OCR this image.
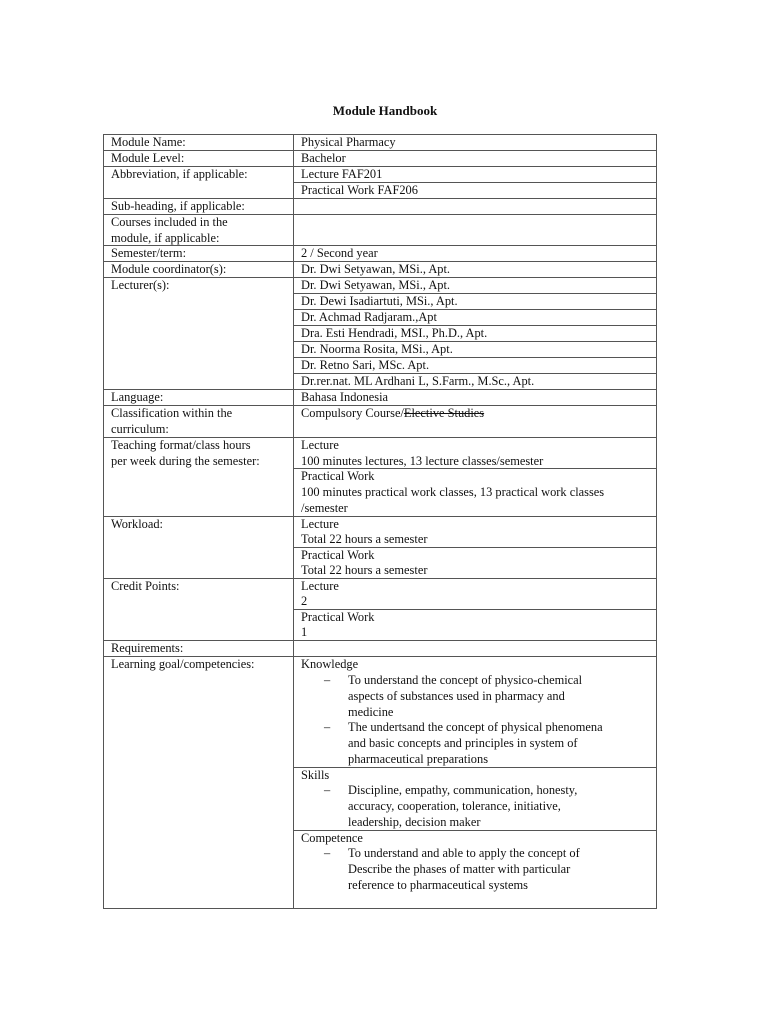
Module Handbook
Module Name:
Module Level:
Abbreviation, if applicable:
Sub-heading, if applicable:
Courses included in the
module, if applicable:
Semester/term:
Module coordinator(s):
Lecturer(s):
Language:
Classification within the
curriculum:
Teaching format/class hours
per week during the semester:
Workload:
Credit Points:
Requirements:
Learning goal/competencies:
Physical Pharmacy
Bachelor
Lecture FAF201
Practical Work FAF206
2 / Second year
Dr. Dwi Setyawan, MSi., Apt.
Dr. Dwi Setyawan, MSi., Apt.
Dr. Dewi Isadiartuti, MSi., Apt.
Dr. Achmad Radjaram.,Apt
Dra. Esti Hendradi, MSI., Ph.D., Apt.
Dr. Noorma Rosita, MSi., Apt.
Dr. Retno Sari, MSc. Apt.
Dr.rer.nat. ML Ardhani L, S.Farm., M.Sc., Apt.
Bahasa Indonesia
Compulsory Course/Elective Studies
Lecture
100 minutes lectures, 13 lecture classes/semester
Practical Work
100 minutes practical work classes, 13 practical work classes
/semester
Lecture
Total 22 hours a semester
Practical Work
Total 22 hours a semester
Lecture
2
Practical Work
1
Knowledge
– To understand the concept of physico-chemical
aspects of substances used in pharmacy and
medicine
– The undertsand the concept of physical phenomena
and basic concepts and principles in system of
pharmaceutical preparations
Skills
– Discipline, empathy, communication, honesty,
accuracy, cooperation, tolerance, initiative,
leadership, decision maker
Competence
– To understand and able to apply the concept of
Describe the phases of matter with particular
reference to pharmaceutical systems
